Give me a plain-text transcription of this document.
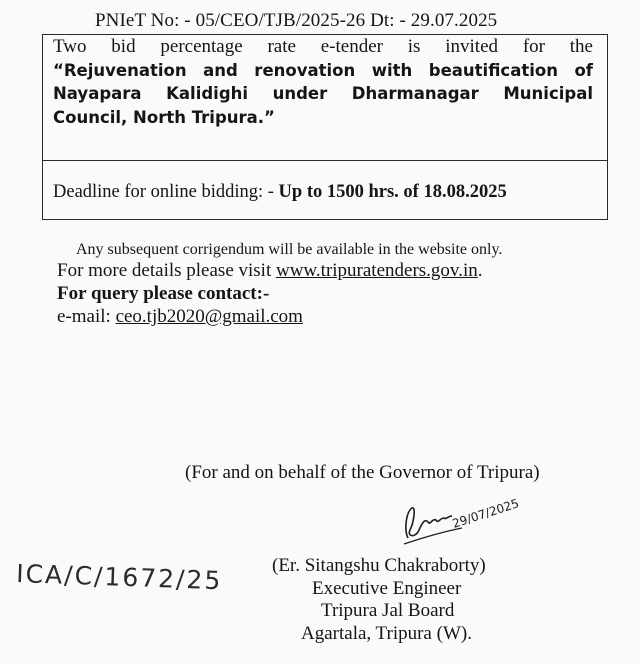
PNIeT No: - 05/CEO/TJB/2025-26 Dt: - 29.07.2025
Two bid percentage rate e-tender is invited for the
“Rejuvenation and renovation with beautification of
Nayapara Kalidighi under Dharmanagar Municipal
Council, North Tripura.”
Deadline for online bidding: - Up to 1500 hrs. of 18.08.2025
Any subsequent corrigendum will be available in the website only.
For more details please visit www.tripuratenders.gov.in.
For query please contact:-
e-mail: ceo.tjb2020@gmail.com
(For and on behalf of the Governor of Tripura)
29/07/2025
ICA/C/1672/25	(Er. Sitangshu Chakraborty)
Executive Engineer
Tripura Jal Board
Agartala, Tripura (W).
